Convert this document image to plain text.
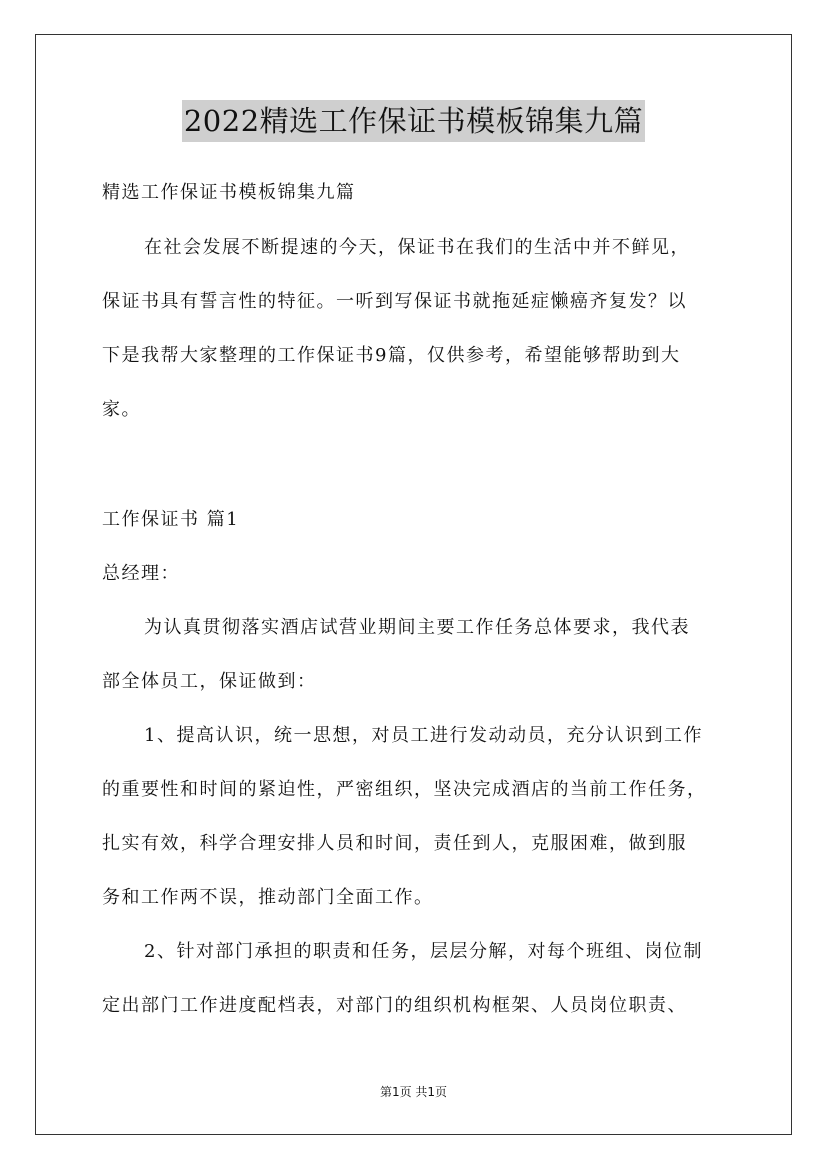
2022精选工作保证书模板锦集九篇
精选工作保证书模板锦集九篇
在社会发展不断提速的今天，保证书在我们的生活中并不鲜见，
保证书具有誓言性的特征。一听到写保证书就拖延症懒癌齐复发？以
下是我帮大家整理的工作保证书9篇，仅供参考，希望能够帮助到大
家。
工作保证书 篇1
总经理：
为认真贯彻落实酒店试营业期间主要工作任务总体要求，我代表
部全体员工，保证做到：
1、提高认识，统一思想，对员工进行发动动员，充分认识到工作
的重要性和时间的紧迫性，严密组织，坚决完成酒店的当前工作任务，
扎实有效，科学合理安排人员和时间，责任到人，克服困难，做到服
务和工作两不误，推动部门全面工作。
2、针对部门承担的职责和任务，层层分解，对每个班组、岗位制
定出部门工作进度配档表，对部门的组织机构框架、人员岗位职责、
第1页 共1页
